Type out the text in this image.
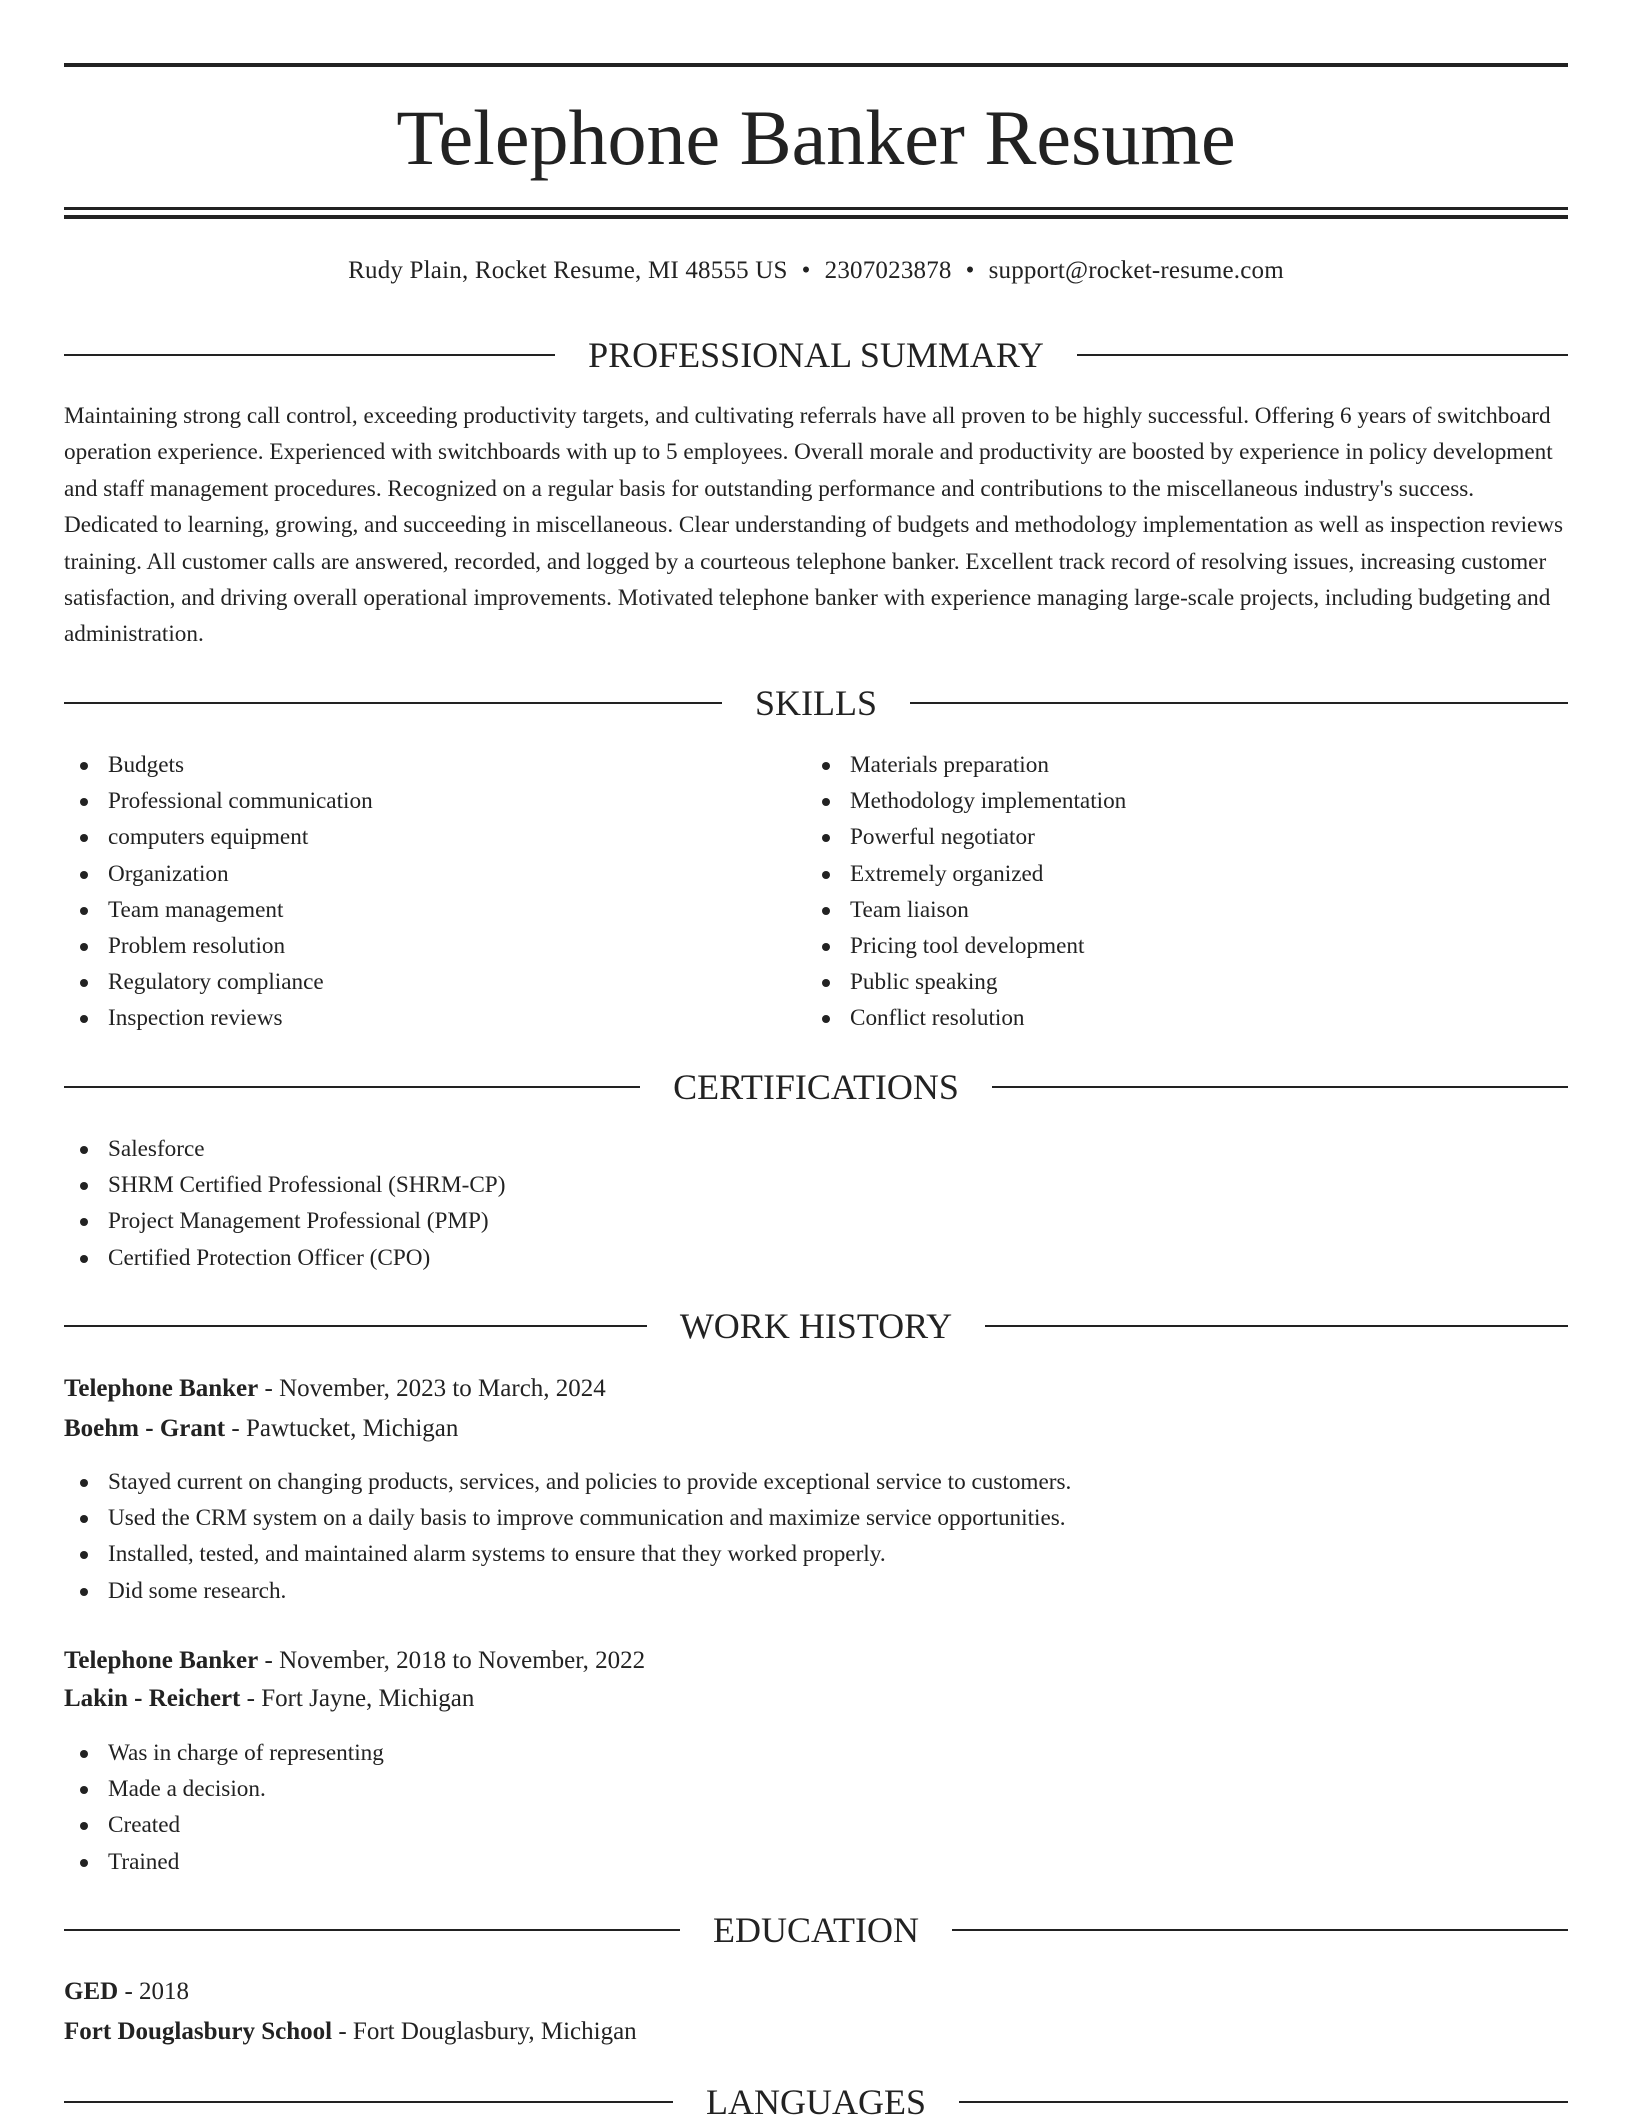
Telephone Banker Resume
Rudy Plain, Rocket Resume, MI 48555 US • 2307023878 • support@rocket-resume.com
PROFESSIONAL SUMMARY

Maintaining strong call control, exceeding productivity targets, and cultivating referrals have all proven to be highly successful. Offering 6 years of switchboard operation experience. Experienced with switchboards with up to 5 employees. Overall morale and productivity are boosted by experience in policy development and staff management procedures. Recognized on a regular basis for outstanding performance and contributions to the miscellaneous industry's success. Dedicated to learning, growing, and succeeding in miscellaneous. Clear understanding of budgets and methodology implementation as well as inspection reviews training. All customer calls are answered, recorded, and logged by a courteous telephone banker. Excellent track record of resolving issues, increasing customer satisfaction, and driving overall operational improvements. Motivated telephone banker with experience managing large-scale projects, including budgeting and administration.

SKILLS
Budgets
Professional communication
computers equipment
Organization
Team management
Problem resolution
Regulatory compliance
Inspection reviews
Materials preparation
Methodology implementation
Powerful negotiator
Extremely organized
Team liaison
Pricing tool development
Public speaking
Conflict resolution
CERTIFICATIONS
Salesforce
SHRM Certified Professional (SHRM-CP)
Project Management Professional (PMP)
Certified Protection Officer (CPO)
WORK HISTORY
Telephone Banker - November, 2023 to March, 2024
Boehm - Grant - Pawtucket, Michigan
Stayed current on changing products, services, and policies to provide exceptional service to customers.
Used the CRM system on a daily basis to improve communication and maximize service opportunities.
Installed, tested, and maintained alarm systems to ensure that they worked properly.
Did some research.
Telephone Banker - November, 2018 to November, 2022
Lakin - Reichert - Fort Jayne, Michigan
Was in charge of representing
Made a decision.
Created
Trained
EDUCATION
GED - 2018
Fort Douglasbury School - Fort Douglasbury, Michigan
LANGUAGES
